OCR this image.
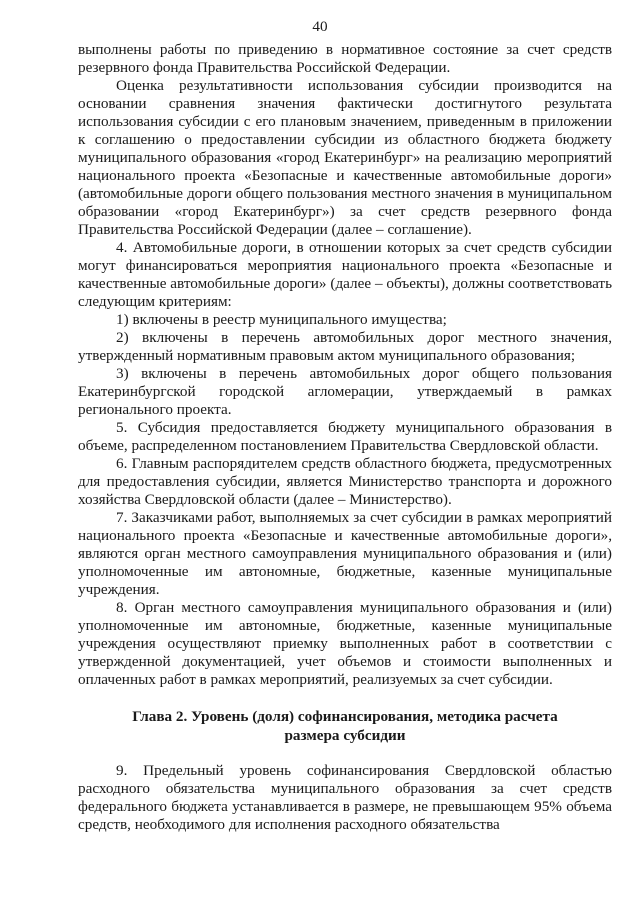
40

выполнены работы по приведению в нормативное состояние за счет средств резервного фонда Правительства Российской Федерации.

Оценка результативности использования субсидии производится на основании сравнения значения фактически достигнутого результата использования субсидии с его плановым значением, приведенным в приложении к соглашению о предоставлении субсидии из областного бюджета бюджету муниципального образования «город Екатеринбург» на реализацию мероприятий национального проекта «Безопасные и качественные автомобильные дороги» (автомобильные дороги общего пользования местного значения в муниципальном образовании «город Екатеринбург») за счет средств резервного фонда Правительства Российской Федерации (далее – соглашение).

4. Автомобильные дороги, в отношении которых за счет средств субсидии могут финансироваться мероприятия национального проекта «Безопасные и качественные автомобильные дороги» (далее – объекты), должны соответствовать следующим критериям:

1) включены в реестр муниципального имущества;

2) включены в перечень автомобильных дорог местного значения, утвержденный нормативным правовым актом муниципального образования;

3) включены в перечень автомобильных дорог общего пользования Екатеринбургской городской агломерации, утверждаемый в рамках регионального проекта.

5. Субсидия предоставляется бюджету муниципального образования в объеме, распределенном постановлением Правительства Свердловской области.

6. Главным распорядителем средств областного бюджета, предусмотренных для предоставления субсидии, является Министерство транспорта и дорожного хозяйства Свердловской области (далее – Министерство).

7. Заказчиками работ, выполняемых за счет субсидии в рамках мероприятий национального проекта «Безопасные и качественные автомобильные дороги», являются орган местного самоуправления муниципального образования и (или) уполномоченные им автономные, бюджетные, казенные муниципальные учреждения.

8. Орган местного самоуправления муниципального образования и (или) уполномоченные им автономные, бюджетные, казенные муниципальные учреждения осуществляют приемку выполненных работ в соответствии с утвержденной документацией, учет объемов и стоимости выполненных и оплаченных работ в рамках мероприятий, реализуемых за счет субсидии.

Глава 2. Уровень (доля) софинансирования, методика расчета
размера субсидии

9. Предельный уровень софинансирования Свердловской областью расходного обязательства муниципального образования за счет средств федерального бюджета устанавливается в размере, не превышающем 95% объема средств, необходимого для исполнения расходного обязательства
